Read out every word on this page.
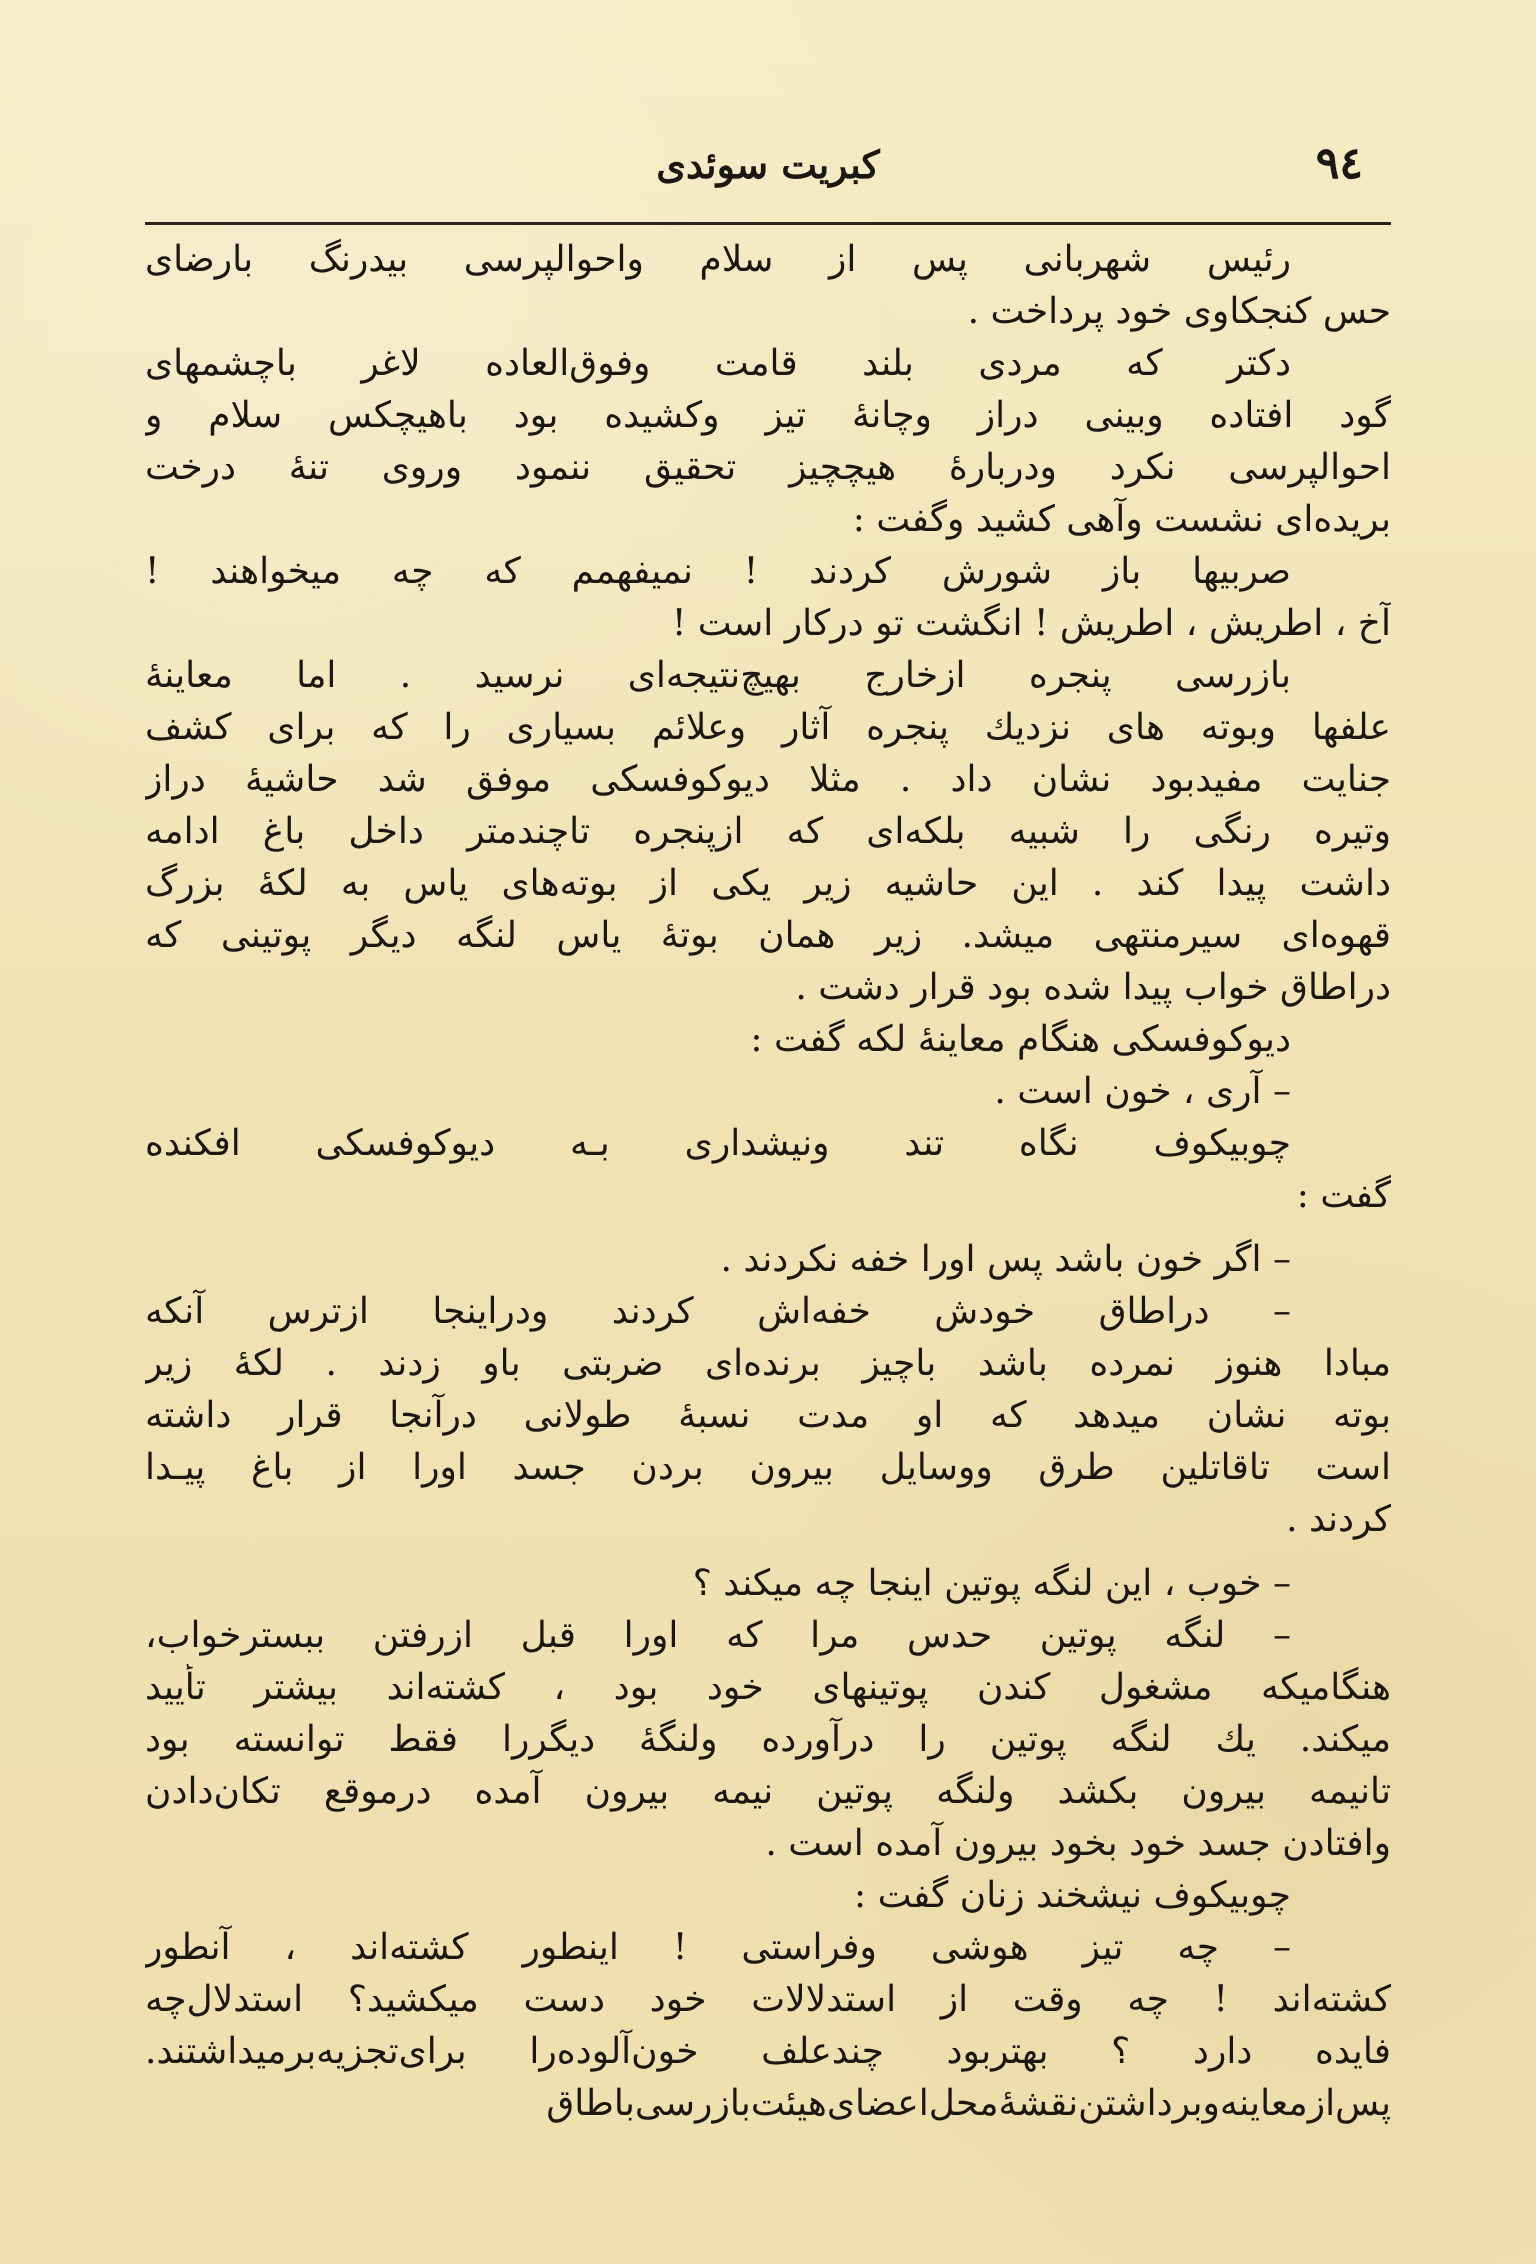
۹٤
کبریت سوئدی
رئیس شهربانی پس از سلام واحوالپرسی بیدرنگ بارضای
حس کنجکاوی خود پرداخت .
دکتر که مردی بلند قامت وفوق‌العاده لاغر باچشمهای
گود افتاده وبینی دراز وچانهٔ تیز وکشیده بود باهیچکس سلام و
احوالپرسی نکرد ودربارهٔ هیچچیز تحقیق ننمود وروی تنهٔ درخت
بریده‌ای نشست وآهی کشید وگفت :
صربیها باز شورش کردند ! نمیفهمم که چه میخواهند !
آخ ، اطریش ، اطریش ! انگشت تو درکار است !
بازرسی پنجره ازخارج بهیچ‌نتیجه‌ای نرسید . اما معاینهٔ
علفها وبوته های نزدیك پنجره آثار وعلائم بسیاری را که برای کشف
جنایت مفیدبود نشان داد . مثلا دیوکوفسکی موفق شد حاشیهٔ دراز
وتیره رنگی را شبیه بلکه‌ای که ازپنجره تاچندمتر داخل باغ ادامه
داشت پیدا کند . این حاشیه زیر یکی از بوته‌های یاس به لکهٔ بزرگ
قهوه‌ای سیرمنتهی میشد. زیر همان بوتهٔ یاس لنگه دیگر پوتینی که
دراطاق خواب پیدا شده بود قرار دشت .
دیوکوفسکی هنگام معاینهٔ لکه گفت :
– آری ، خون است .
چوبیکوف نگاه تند ونیشداری بـه دیوکوفسکی افکنده
گفت :
– اگر خون باشد پس اورا خفه نکردند .
– دراطاق خودش خفه‌اش کردند ودراینجا ازترس آنکه
مبادا هنوز نمرده باشد باچیز برنده‌ای ضربتی باو زدند . لکهٔ زیر
بوته نشان میدهد که او مدت نسبهٔ طولانی درآنجا قرار داشته
است تاقاتلین طرق ووسایل بیرون بردن جسد اورا از باغ پیـدا
کردند .
– خوب ، این لنگه پوتین اینجا چه میکند ؟
– لنگه پوتین حدس مرا که اورا قبل ازرفتن ببسترخواب،
هنگامیکه مشغول کندن پوتینهای خود بود ، کشته‌اند بیشتر تأیید
میکند. یك لنگه پوتین را درآورده ولنگهٔ دیگررا فقط توانسته بود
تانیمه بیرون بکشد ولنگه پوتین نیمه بیرون آمده درموقع تکان‌دادن
وافتادن جسد خود بخود بیرون آمده است .
چوبیکوف نیشخند زنان گفت :
– چه تیز هوشی وفراستی ! اینطور کشته‌اند ، آنطور
کشته‌اند ! چه وقت از استدلالات خود دست میکشید؟ استدلال‌چه
فایده دارد ؟ بهتربود چندعلف خون‌آلوده‌را برای‌تجزیه‌برمیداشتند.
پس‌ازمعاینه‌وبرداشتن‌نقشهٔ‌محل‌اعضای‌هیئت‌بازرسی‌باطاق
